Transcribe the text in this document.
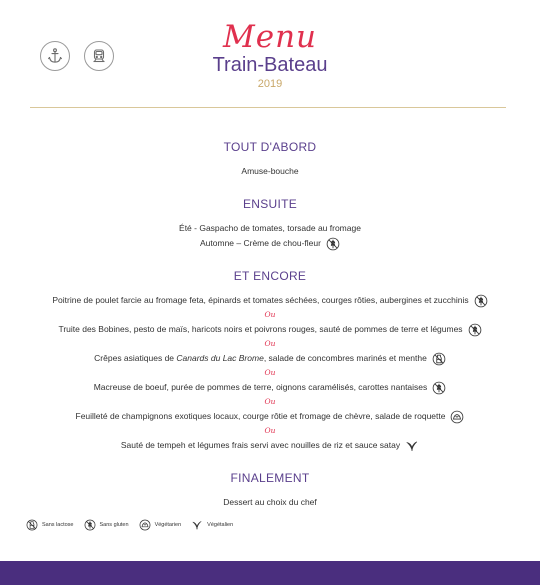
Menu
Train-Bateau
2019
TOUT D'ABORD
Amuse-bouche
ENSUITE
Été - Gaspacho de tomates, torsade au fromage
Automne – Crème de chou-fleur
ET ENCORE
Poitrine de poulet farcie au fromage feta, épinards et tomates séchées, courges rôties, aubergines et zucchinis
Ou
Truite des Bobines, pesto de maïs, haricots noirs et poivrons rouges, sauté de pommes de terre et légumes
Ou
Crêpes asiatiques de Canards du Lac Brome, salade de concombres marinés et menthe
Ou
Macreuse de boeuf, purée de pommes de terre, oignons caramélisés, carottes nantaises
Ou
Feuilleté de champignons exotiques locaux, courge rôtie et fromage de chèvre, salade de roquette
Ou
Sauté de tempeh et légumes frais servi avec nouilles de riz et sauce satay
FINALEMENT
Dessert au choix du chef
Sans lactose	Sans gluten	Végétarien	Végétalien
